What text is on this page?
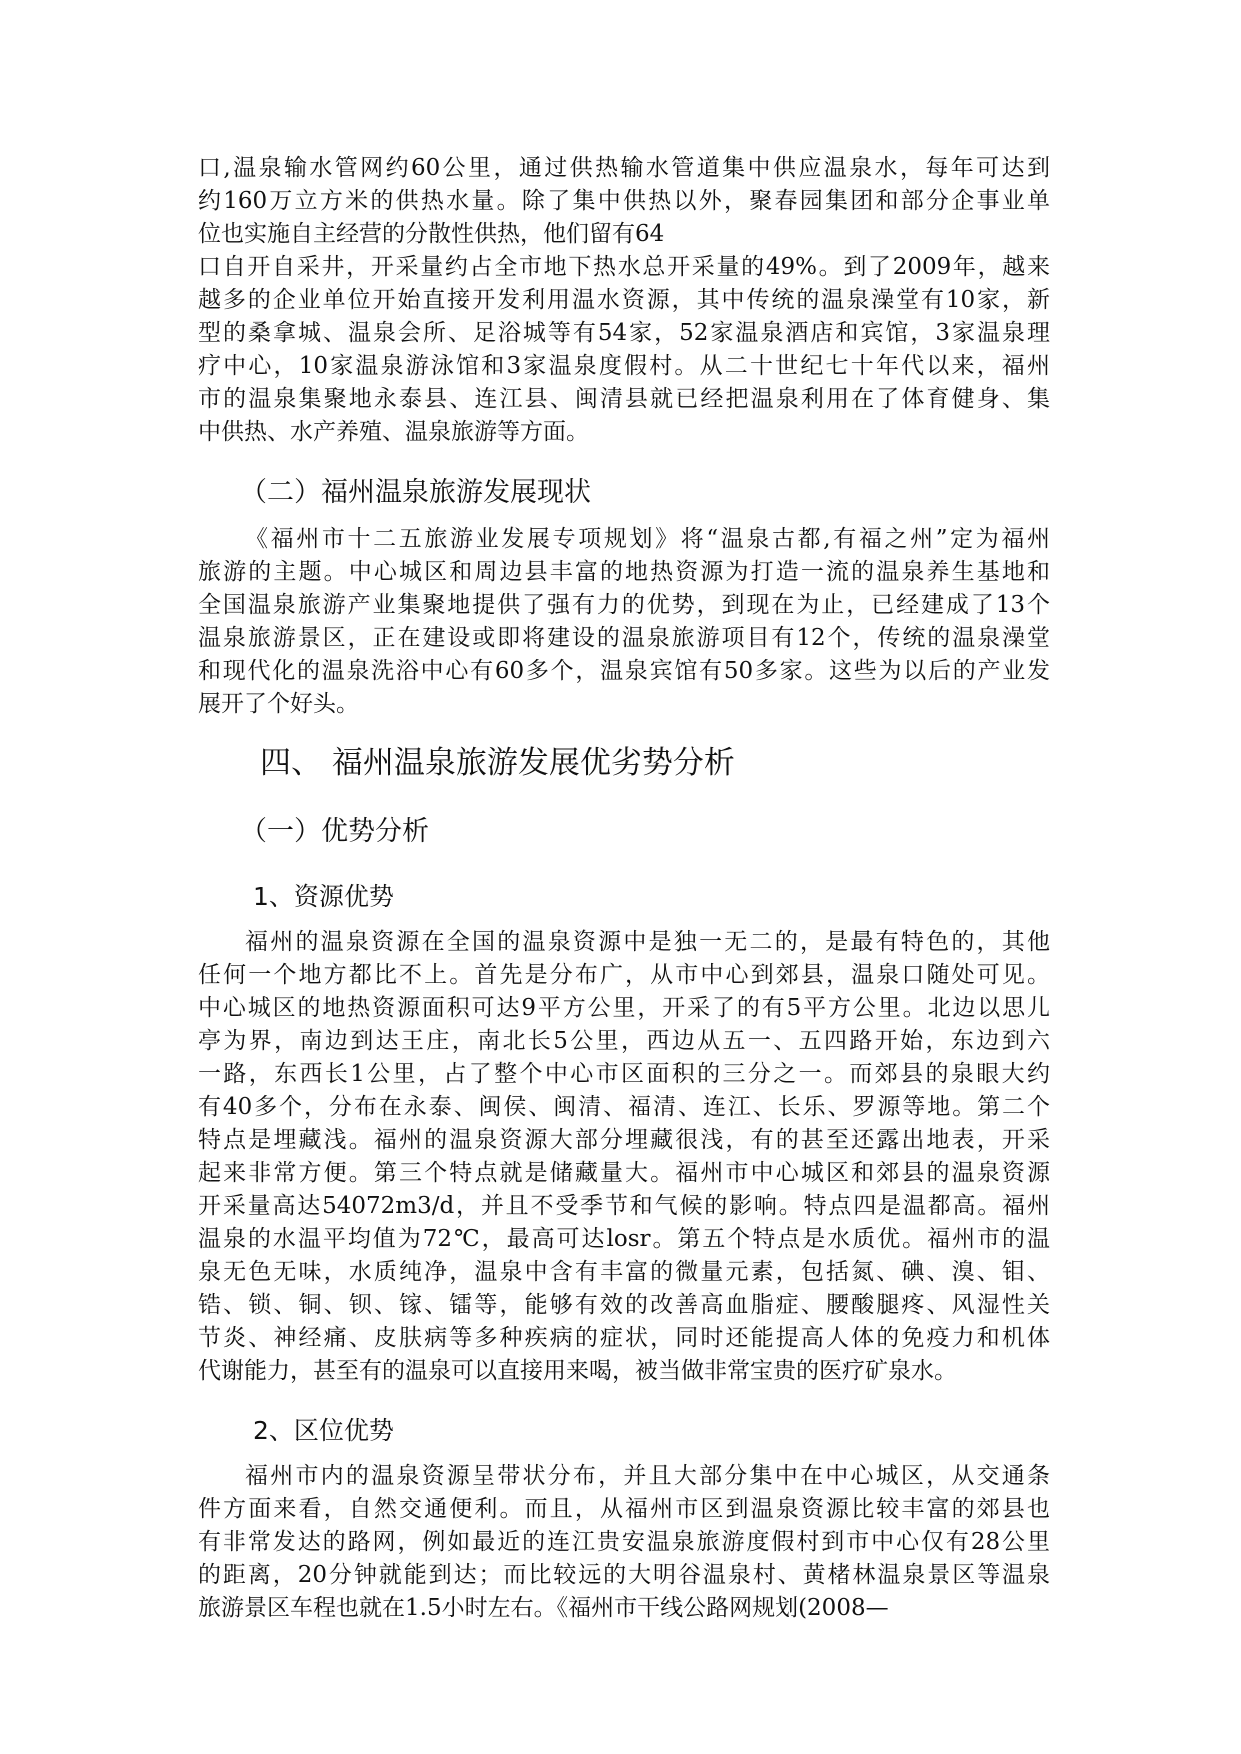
口,温泉输水管网约60公里，通过供热输水管道集中供应温泉水，每年可达到
约160万立方米的供热水量。除了集中供热以外，聚春园集团和部分企事业单
位也实施自主经营的分散性供热，他们留有64
口自开自采井，开采量约占全市地下热水总开采量的49%。到了2009年，越来
越多的企业单位开始直接开发利用温水资源，其中传统的温泉澡堂有10家，新
型的桑拿城、温泉会所、足浴城等有54家，52家温泉酒店和宾馆，3家温泉理
疗中心，10家温泉游泳馆和3家温泉度假村。从二十世纪七十年代以来，福州
市的温泉集聚地永泰县、连江县、闽清县就已经把温泉利用在了体育健身、集
中供热、水产养殖、温泉旅游等方面。
（二）福州温泉旅游发展现状
《福州市十二五旅游业发展专项规划》将“温泉古都,有福之州”定为福州
旅游的主题。中心城区和周边县丰富的地热资源为打造一流的温泉养生基地和
全国温泉旅游产业集聚地提供了强有力的优势，到现在为止，已经建成了13个
温泉旅游景区，正在建设或即将建设的温泉旅游项目有12个，传统的温泉澡堂
和现代化的温泉洗浴中心有60多个，温泉宾馆有50多家。这些为以后的产业发
展开了个好头。
四、 福州温泉旅游发展优劣势分析
（一）优势分析
1、资源优势
福州的温泉资源在全国的温泉资源中是独一无二的，是最有特色的，其他
任何一个地方都比不上。首先是分布广，从市中心到郊县，温泉口随处可见。
中心城区的地热资源面积可达9平方公里，开采了的有5平方公里。北边以思儿
亭为界，南边到达王庄，南北长5公里，西边从五一、五四路开始，东边到六
一路，东西长1公里，占了整个中心市区面积的三分之一。而郊县的泉眼大约
有40多个，分布在永泰、闽侯、闽清、福清、连江、长乐、罗源等地。第二个
特点是埋藏浅。福州的温泉资源大部分埋藏很浅，有的甚至还露出地表，开采
起来非常方便。第三个特点就是储藏量大。福州市中心城区和郊县的温泉资源
开采量高达54072m3/d，并且不受季节和气候的影响。特点四是温都高。福州
温泉的水温平均值为72℃，最高可达losr。第五个特点是水质优。福州市的温
泉无色无味，水质纯净，温泉中含有丰富的微量元素，包括氮、碘、溴、钼、
锆、锁、铜、钡、镓、镭等，能够有效的改善高血脂症、腰酸腿疼、风湿性关
节炎、神经痛、皮肤病等多种疾病的症状，同时还能提高人体的免疫力和机体
代谢能力，甚至有的温泉可以直接用来喝，被当做非常宝贵的医疗矿泉水。
2、区位优势
福州市内的温泉资源呈带状分布，并且大部分集中在中心城区，从交通条
件方面来看，自然交通便利。而且，从福州市区到温泉资源比较丰富的郊县也
有非常发达的路网，例如最近的连江贵安温泉旅游度假村到市中心仅有28公里
的距离，20分钟就能到达；而比较远的大明谷温泉村、黄楮林温泉景区等温泉
旅游景区车程也就在1.5小时左右。《福州市干线公路网规划(2008—
